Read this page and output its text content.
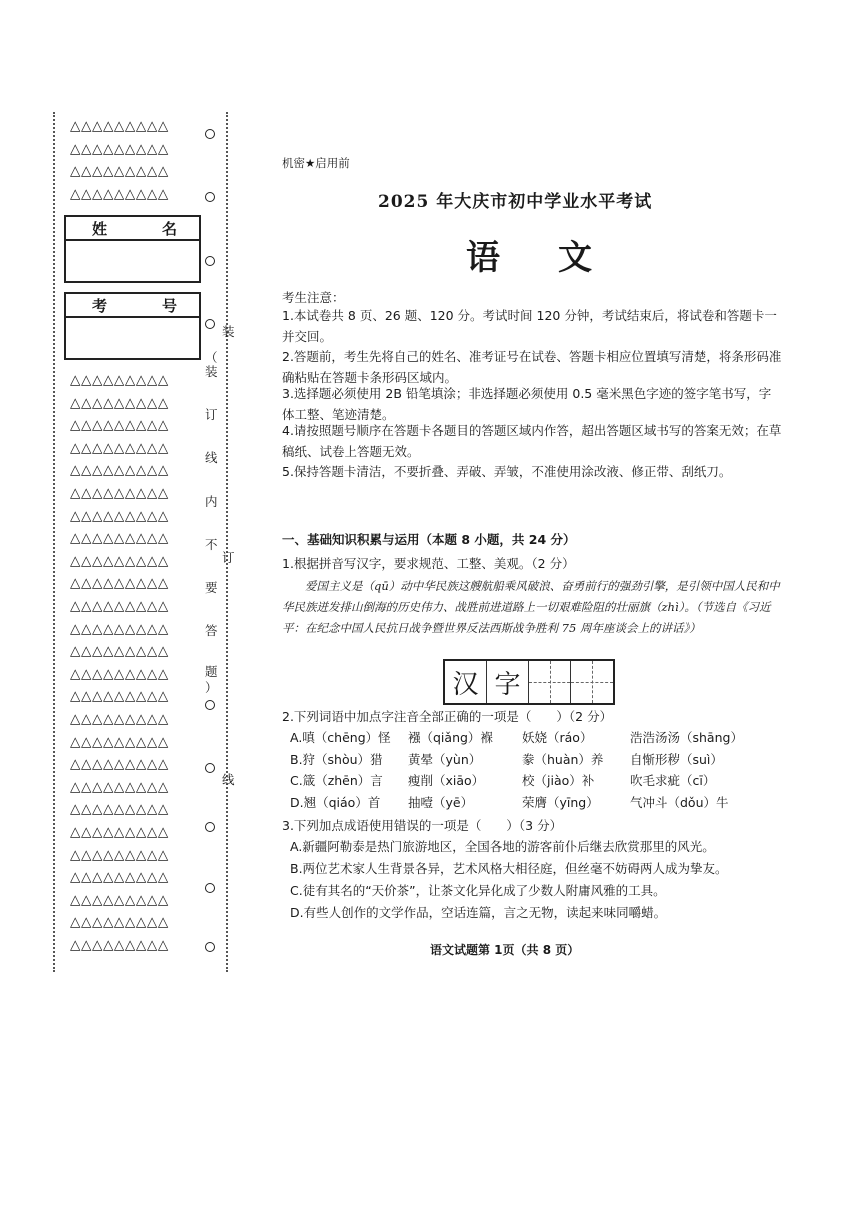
△△△△△△△△△
△△△△△△△△△
△△△△△△△△△
△△△△△△△△△
△△△△△△△△△
△△△△△△△△△
△△△△△△△△△
△△△△△△△△△
△△△△△△△△△
△△△△△△△△△
△△△△△△△△△
△△△△△△△△△
△△△△△△△△△
△△△△△△△△△
△△△△△△△△△
△△△△△△△△△
△△△△△△△△△
△△△△△△△△△
△△△△△△△△△
△△△△△△△△△
△△△△△△△△△
△△△△△△△△△
△△△△△△△△△
△△△△△△△△△
△△△△△△△△△
△△△△△△△△△
△△△△△△△△△
△△△△△△△△△
△△△△△△△△△
△△△△△△△△△
姓	名
考	号
装
（
装
订
线
内
不
订
要
答
题
）
线
机密★启用前
2025 年大庆市初中学业水平考试
语文
考生注意：
1.本试卷共 8 页、26 题、120 分。考试时间 120 分钟，考试结束后，将试卷和答题卡一并交回。
2.答题前，考生先将自己的姓名、准考证号在试卷、答题卡相应位置填写清楚，将条形码准确粘贴在答题卡条形码区域内。
3.选择题必须使用 2B 铅笔填涂；非选择题必须使用 0.5 毫米黑色字迹的签字笔书写，字体工整、笔迹清楚。
4.请按照题号顺序在答题卡各题目的答题区域内作答，超出答题区域书写的答案无效；在草稿纸、试卷上答题无效。
5.保持答题卡清洁，不要折叠、弄破、弄皱，不准使用涂改液、修正带、刮纸刀。
一、基础知识积累与运用（本题 8 小题，共 24 分）
1.根据拼音写汉字，要求规范、工整、美观。（2 分）
爱国主义是（qū）动中华民族这艘航船乘风破浪、奋勇前行的强劲引擎，是引领中国人民和中华民族迸发排山倒海的历史伟力、战胜前进道路上一切艰难险阻的壮丽旗（zhì）。（节选自《习近平：在纪念中国人民抗日战争暨世界反法西斯战争胜利 75 周年座谈会上的讲话》）
汉 字
2.下列词语中加点字注音全部正确的一项是（　　）（2 分）
A.嗔（chēng）怪 襁（qiǎng）褓 妖娆（ráo）	浩浩汤汤（shāng）
B.狩（shòu）猎 黄晕（yùn）	豢（huàn）养 自惭形秽（suì）
C.箴（zhēn）言 瘦削（xiāo）	校（jiào）补	吹毛求疵（cī）
D.翘（qiáo）首 抽噎（yē）	荣膺（yīng）	气冲斗（dǒu）牛
3.下列加点成语使用错误的一项是（　　）（3 分）
A.新疆阿勒泰是热门旅游地区，全国各地的游客前仆后继去欣赏那里的风光。
B.两位艺术家人生背景各异，艺术风格大相径庭，但丝毫不妨碍两人成为挚友。
C.徒有其名的“天价茶”，让茶文化异化成了少数人附庸风雅的工具。
D.有些人创作的文学作品，空话连篇，言之无物，读起来味同嚼蜡。
语文试题第 1页（共 8 页）
